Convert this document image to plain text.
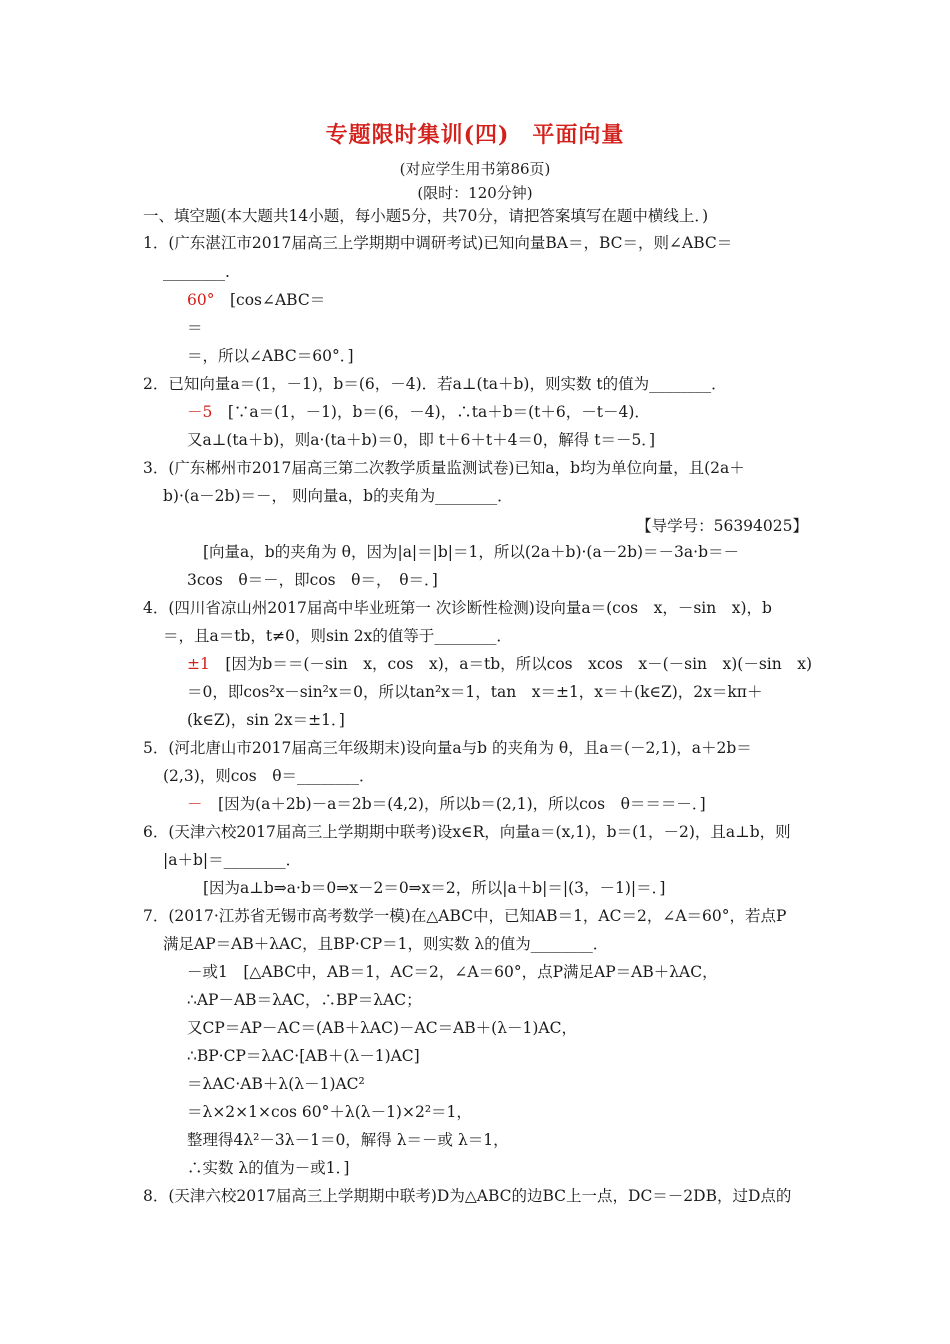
专题限时集训(四)　平面向量
(对应学生用书第86页)
(限时：120分钟)
一、填空题(本大题共14小题，每小题5分，共70分，请把答案填写在题中横线上．)
1．(广东湛江市2017届高三上学期期中调研考试)已知向量BA＝，BC＝，则∠ABC＝
________.
60°　[cos∠ABC＝
＝
＝，所以∠ABC＝60°．]
2．已知向量a＝(1，－1)，b＝(6，－4)．若a⊥(ta＋b)，则实数 t的值为________．
－5　[∵a＝(1，－1)，b＝(6，－4)，∴ta＋b＝(t＋6，－t－4)．
又a⊥(ta＋b)，则a·(ta＋b)＝0，即 t＋6＋t＋4＝0，解得 t＝－5．]
3．(广东郴州市2017届高三第二次教学质量监测试卷)已知a，b均为单位向量，且(2a＋
b)·(a－2b)＝－， 则向量a，b的夹角为________．
【导学号：56394025】
[向量a，b的夹角为 θ，因为|a|＝|b|＝1，所以(2a＋b)·(a－2b)＝－3a·b＝－
3cos　θ＝－，即cos　θ＝，　θ＝．]
4．(四川省凉山州2017届高中毕业班第一 次诊断性检测)设向量a＝(cos　x，－sin　x)，b
＝，且a＝tb，t≠0，则sin 2x的值等于________．
±1　[因为b＝＝(－sin　x，cos　x)，a＝tb，所以cos　xcos　x－(－sin　x)(－sin　x)
＝0，即cos²x－sin²x＝0，所以tan²x＝1，tan　x＝±1，x＝＋(k∈Z)，2x＝kπ＋
(k∈Z)，sin 2x＝±1．]
5．(河北唐山市2017届高三年级期末)设向量a与b 的夹角为 θ，且a＝(－2,1)，a＋2b＝
(2,3)，则cos　θ＝________．
－　[因为(a＋2b)－a＝2b＝(4,2)，所以b＝(2,1)，所以cos　θ＝＝＝－．]
6．(天津六校2017届高三上学期期中联考)设x∈R，向量a＝(x,1)，b＝(1，－2)，且a⊥b，则
|a＋b|＝________．
[因为a⊥b⇒a·b＝0⇒x－2＝0⇒x＝2，所以|a＋b|＝|(3，－1)|＝．]
7．(2017·江苏省无锡市高考数学一模)在△ABC中，已知AB＝1，AC＝2，∠A＝60°，若点P
满足AP＝AB＋λAC，且BP·CP＝1，则实数 λ的值为________．
－或1　[△ABC中，AB＝1，AC＝2，∠A＝60°，点P满足AP＝AB＋λAC，
∴AP－AB＝λAC，∴BP＝λAC；
又CP＝AP－AC＝(AB＋λAC)－AC＝AB＋(λ－1)AC，
∴BP·CP＝λAC·[AB＋(λ－1)AC]
＝λAC·AB＋λ(λ－1)AC²
＝λ×2×1×cos 60°＋λ(λ－1)×2²＝1，
整理得4λ²－3λ－1＝0，解得 λ＝－或 λ＝1，
∴实数 λ的值为－或1．]
8．(天津六校2017届高三上学期期中联考)D为△ABC的边BC上一点，DC＝－2DB，过D点的
